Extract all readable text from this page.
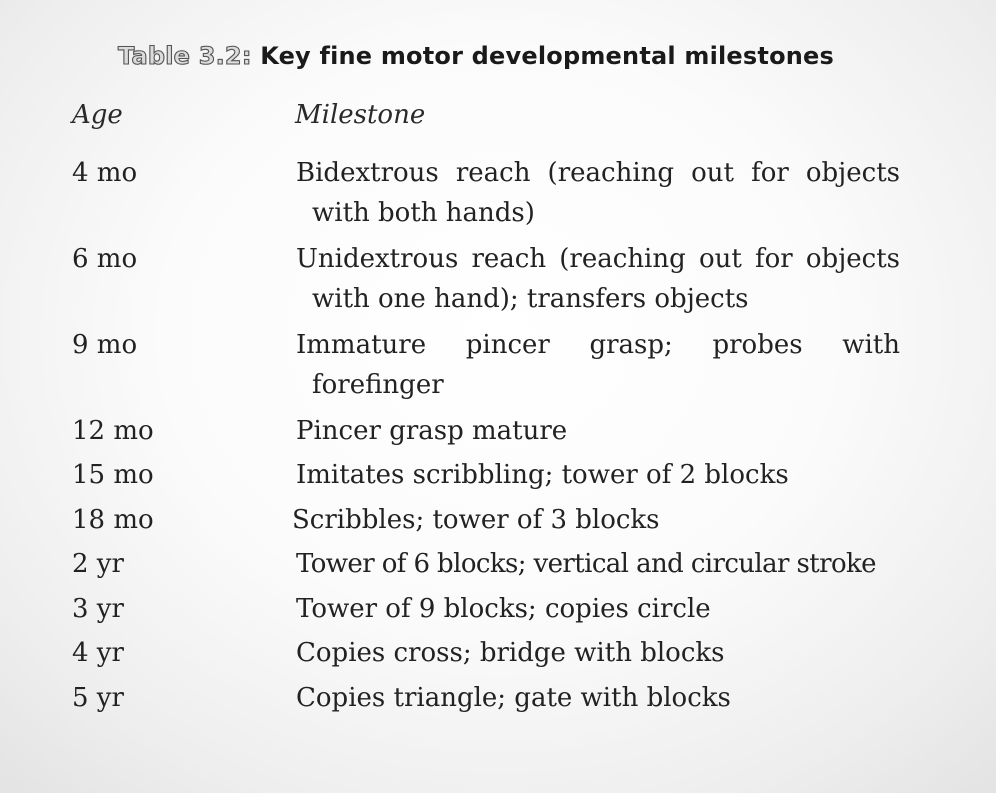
Table 3.2: Key fine motor developmental milestones
Age	Milestone
4 mo	Bidextrous reach (reaching out for objects
with both hands)
6 mo	Unidextrous reach (reaching out for objects
with one hand); transfers objects
9 mo	Immature pincer grasp; probes with
forefinger
12 mo	Pincer grasp mature
15 mo	Imitates scribbling; tower of 2 blocks
18 mo	Scribbles; tower of 3 blocks
2 yr	Tower of 6 blocks; vertical and circular stroke
3 yr	Tower of 9 blocks; copies circle
4 yr	Copies cross; bridge with blocks
5 yr	Copies triangle; gate with blocks
